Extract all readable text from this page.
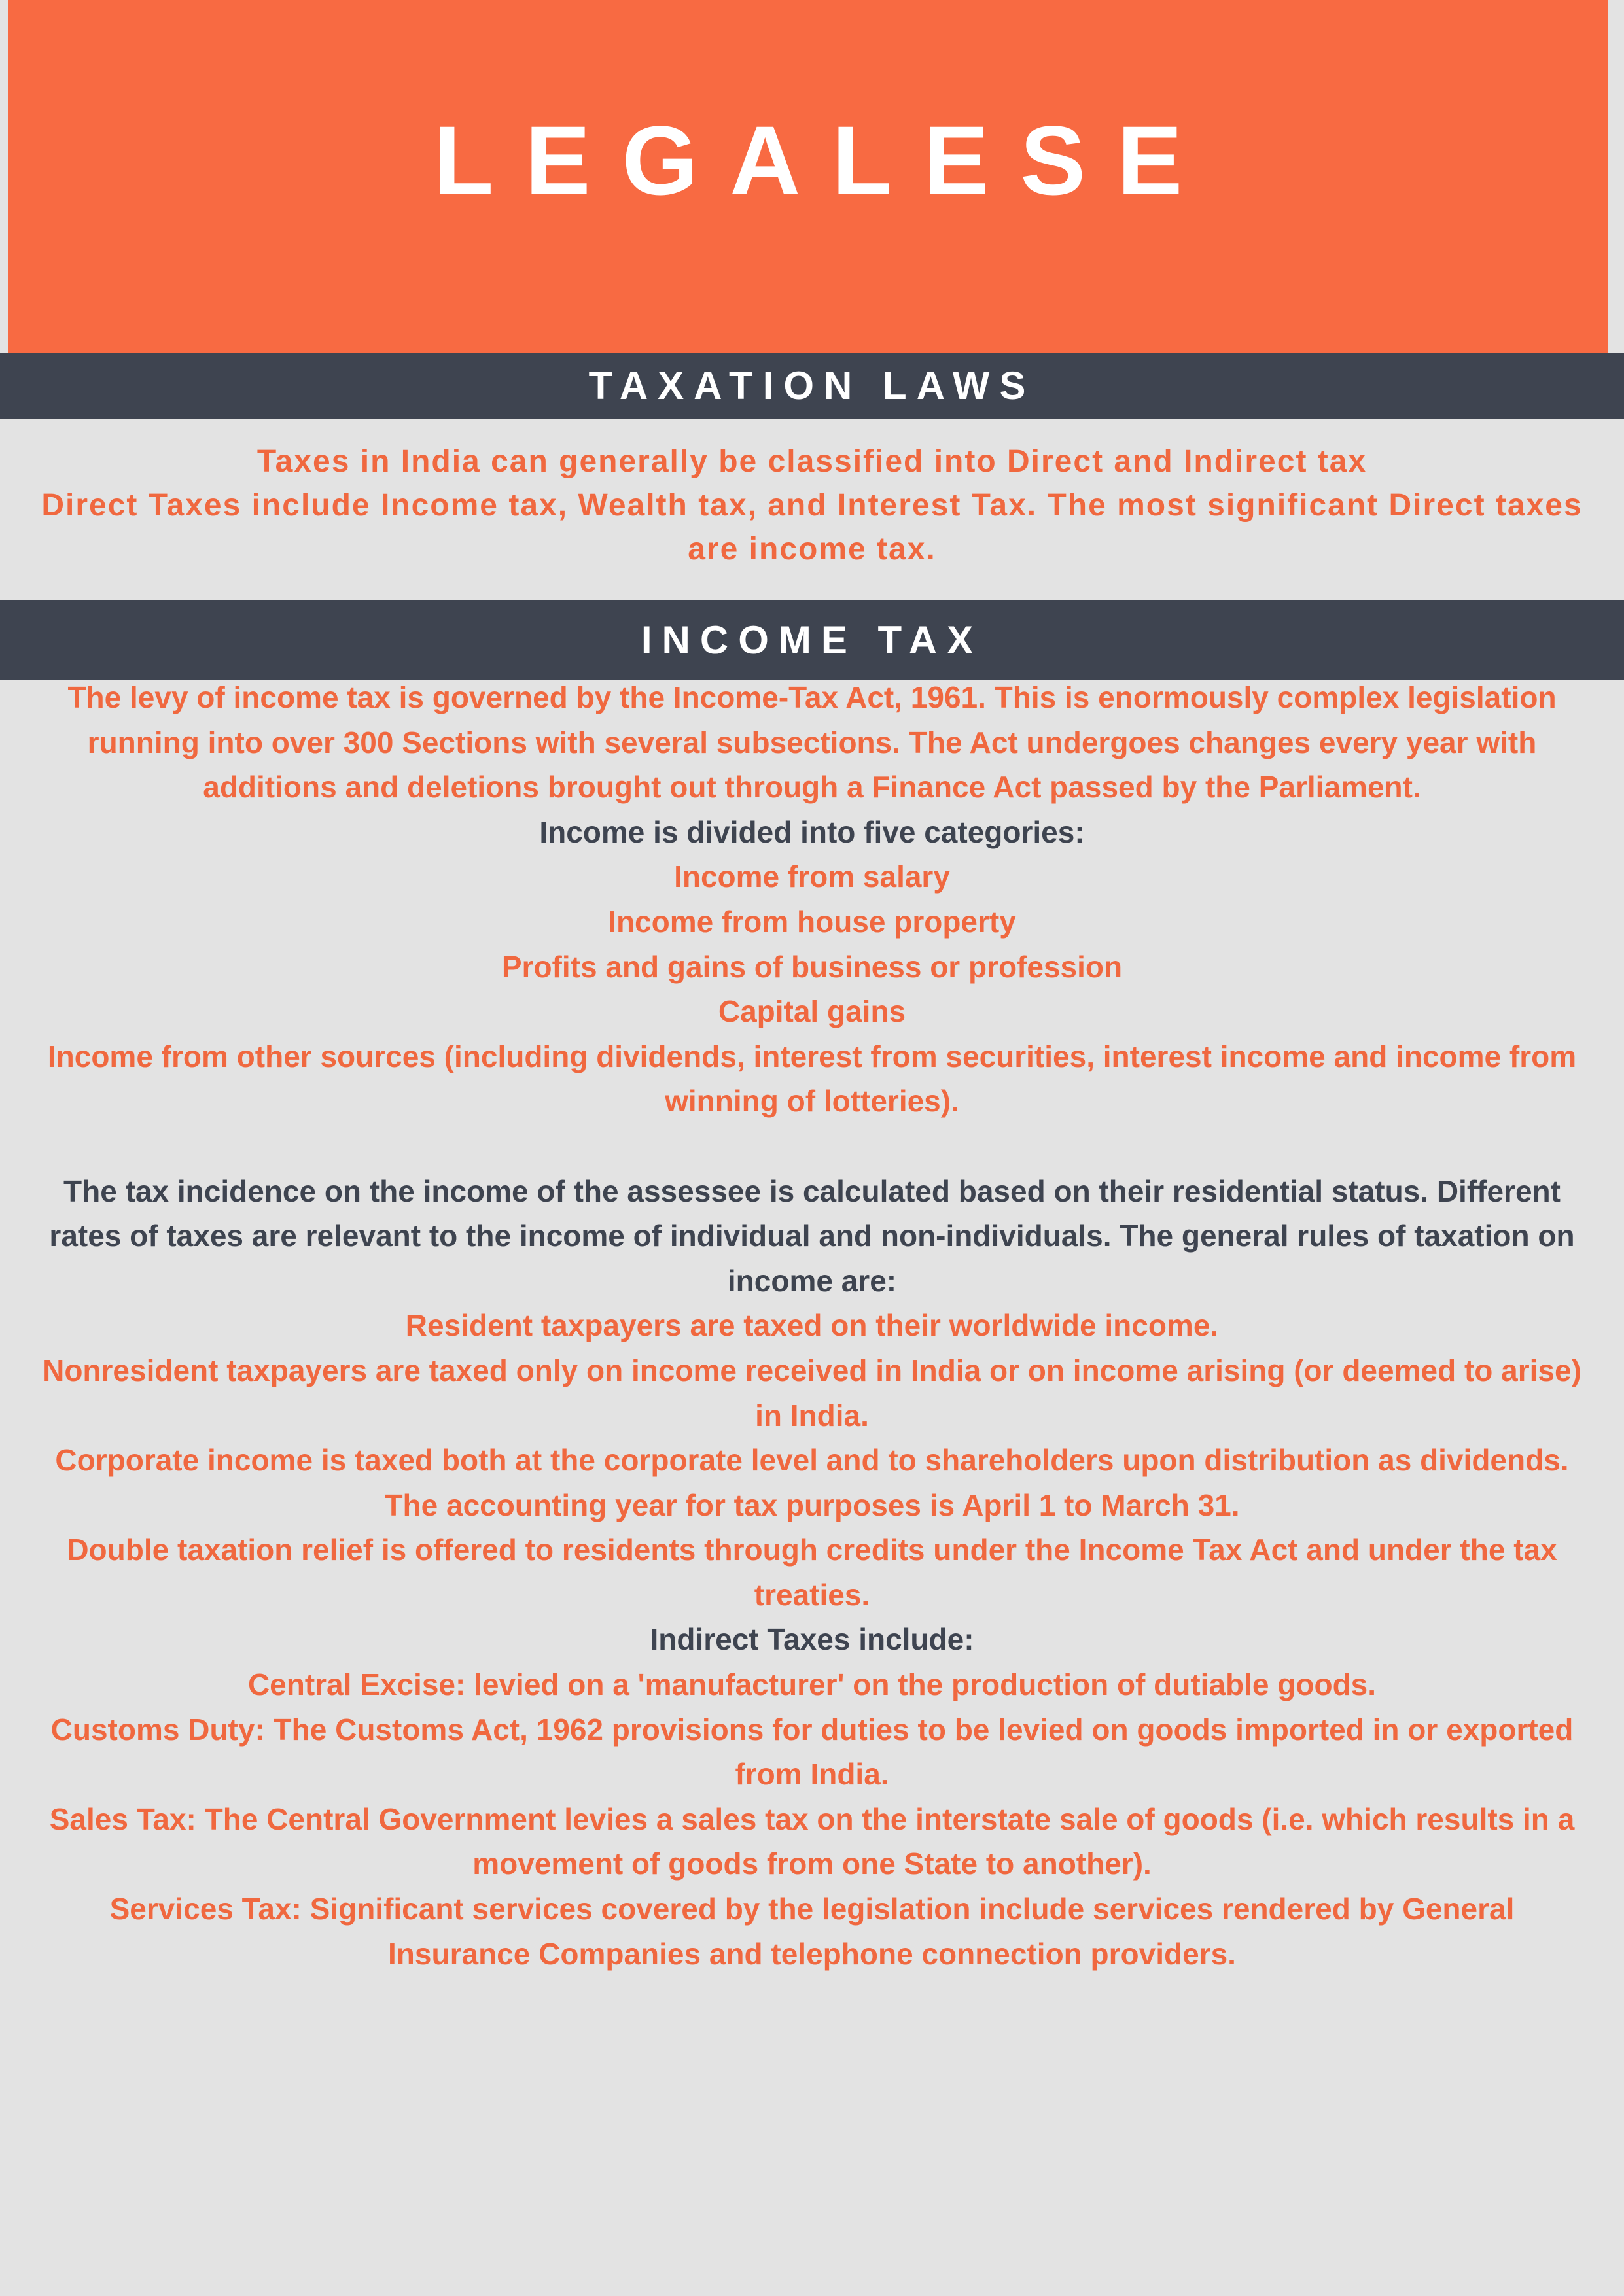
LEGALESE
TAXATION LAWS

Taxes in India can generally be classified into Direct and Indirect tax

Direct Taxes include Income tax, Wealth tax, and Interest Tax. The most significant Direct taxes are income tax.

INCOME TAX

The levy of income tax is governed by the Income-Tax Act, 1961. This is enormously complex legislation running into over 300 Sections with several subsections. The Act undergoes changes every year with additions and deletions brought out through a Finance Act passed by the Parliament.

Income is divided into five categories:

Income from salary

Income from house property

Profits and gains of business or profession

Capital gains

Income from other sources (including dividends, interest from securities, interest income and income from winning of lotteries).

The tax incidence on the income of the assessee is calculated based on their residential status. Different rates of taxes are relevant to the income of individual and non-individuals. The general rules of taxation on income are:

Resident taxpayers are taxed on their worldwide income.

Nonresident taxpayers are taxed only on income received in India or on income arising (or deemed to arise) in India.

Corporate income is taxed both at the corporate level and to shareholders upon distribution as dividends.

The accounting year for tax purposes is April 1 to March 31.

Double taxation relief is offered to residents through credits under the Income Tax Act and under the tax treaties.

Indirect Taxes include:

Central Excise: levied on a 'manufacturer' on the production of dutiable goods.

Customs Duty: The Customs Act, 1962 provisions for duties to be levied on goods imported in or exported from India.

Sales Tax: The Central Government levies a sales tax on the interstate sale of goods (i.e. which results in a movement of goods from one State to another).

Services Tax: Significant services covered by the legislation include services rendered by General Insurance Companies and telephone connection providers.
